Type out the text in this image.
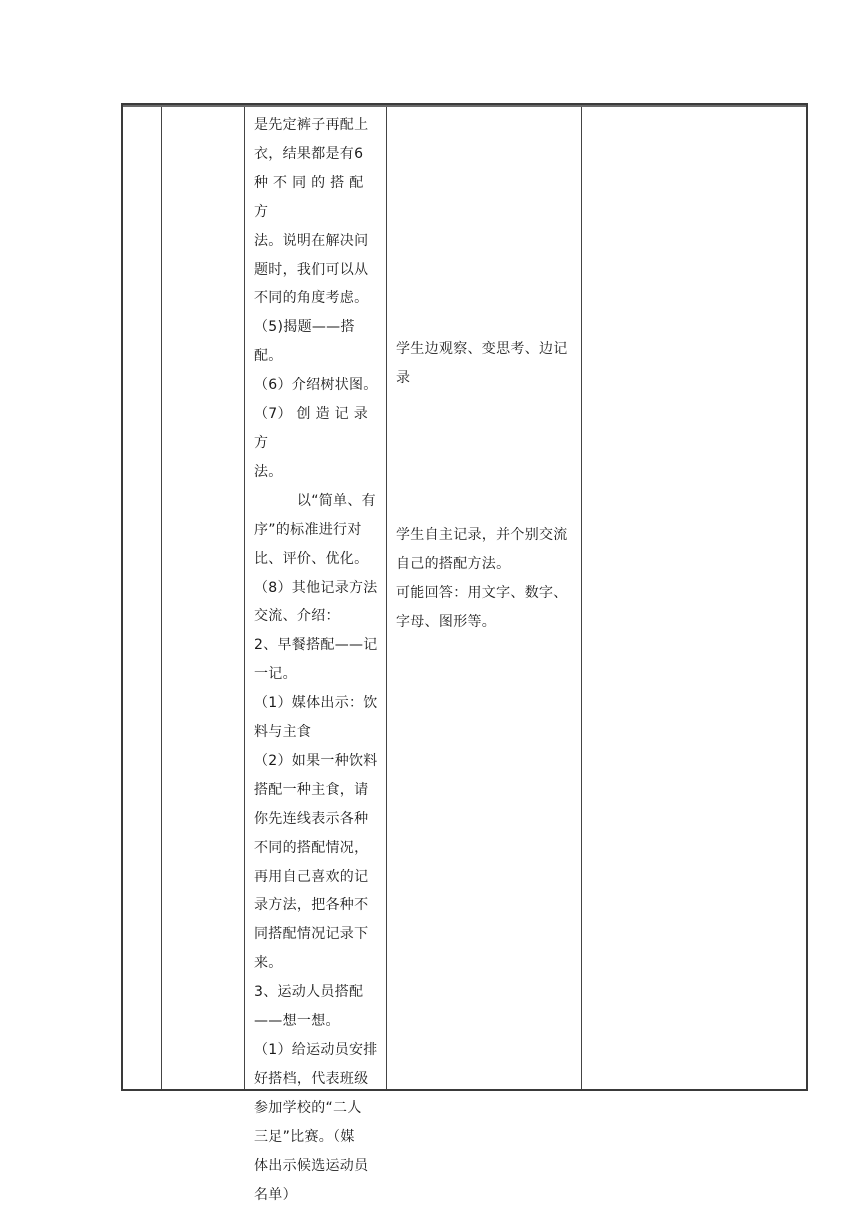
是先定裤子再配上

衣，结果都是有6

种 不 同 的 搭 配 方

法。说明在解决问

题时，我们可以从

不同的角度考虑。

（5)揭题——搭配。

（6）介绍树状图。

（7） 创 造 记 录 方

法。

　　　以“简单、有

序”的标准进行对

比、评价、优化。

（8）其他记录方法

交流、介绍：

2、早餐搭配——记

一记。

（1）媒体出示：饮

料与主食

（2）如果一种饮料

搭配一种主食，请

你先连线表示各种

不同的搭配情况，

再用自己喜欢的记

录方法，把各种不

同搭配情况记录下

来。

3、运动人员搭配

——想一想。

（1）给运动员安排

好搭档，代表班级

参加学校的“二人

三足”比赛。（媒

体出示候选运动员

名单）

学生边观察、变思考、边记

录

学生自主记录，并个别交流

自己的搭配方法。

可能回答：用文字、数字、

字母、图形等。
